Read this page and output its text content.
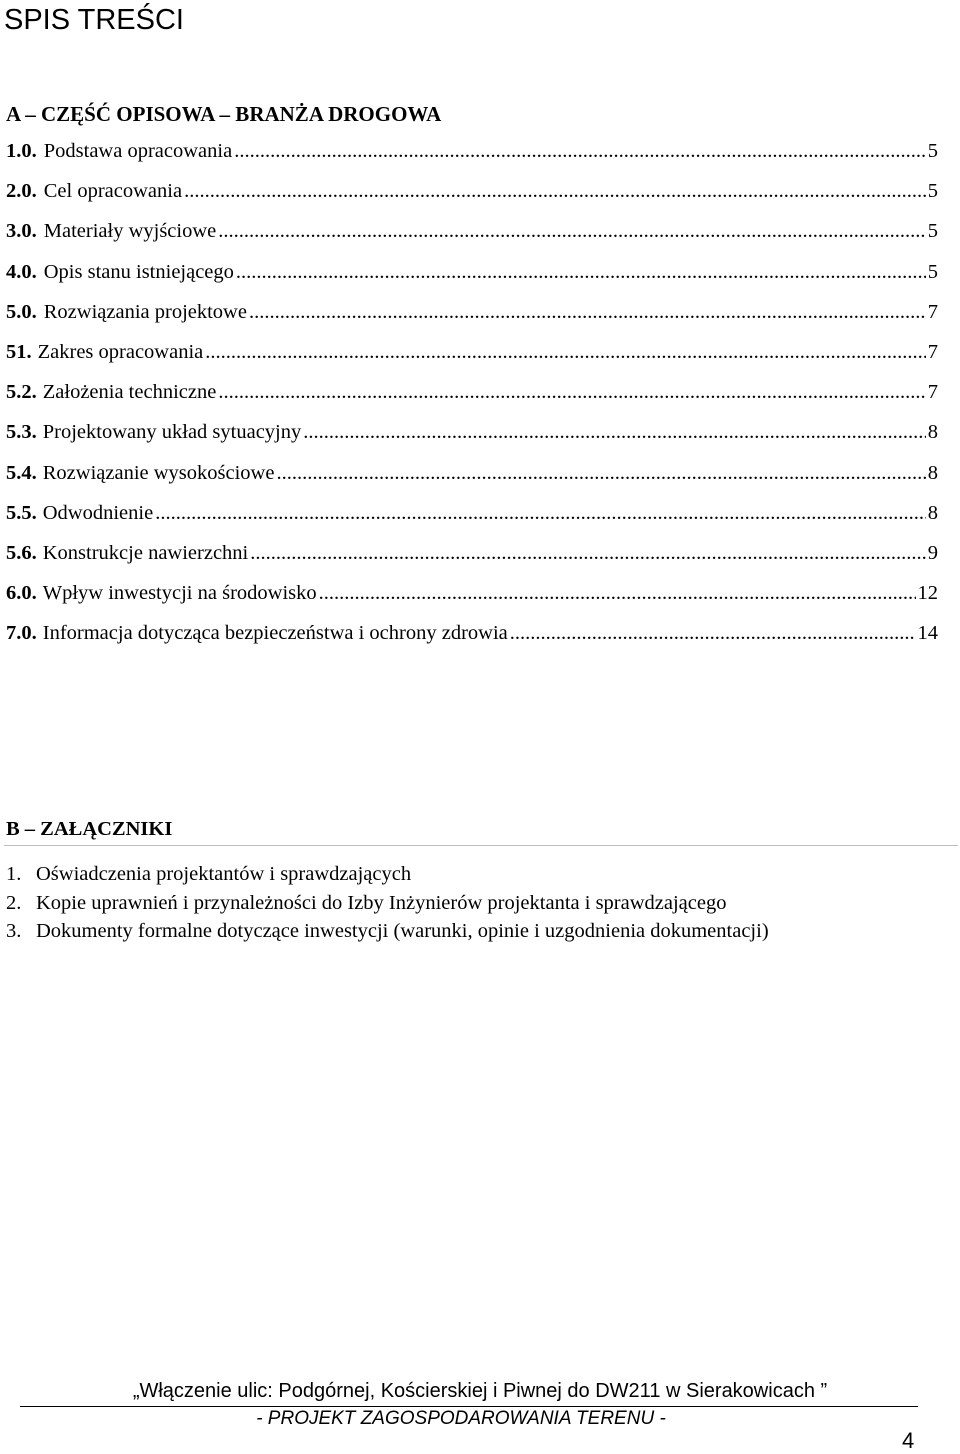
SPIS TREŚCI
A – CZĘŚĆ OPISOWA – BRANŻA DROGOWA
1.0. Podstawa opracowania .....	5
2.0. Cel opracowania .....	5
3.0. Materiały wyjściowe .....	5
4.0. Opis stanu istniejącego .....	5
5.0. Rozwiązania projektowe .....	7
51. Zakres opracowania .....	7
5.2. Założenia techniczne .....	7
5.3. Projektowany układ sytuacyjny .....	8
5.4. Rozwiązanie wysokościowe .....	8
5.5. Odwodnienie .....	8
5.6. Konstrukcje nawierzchni .....	9
6.0. Wpływ inwestycji na środowisko .....	12
7.0. Informacja dotycząca bezpieczeństwa i ochrony zdrowia .....	14
B – ZAŁĄCZNIKI
1. Oświadczenia projektantów i sprawdzających
2. Kopie uprawnień i przynależności do Izby Inżynierów projektanta i sprawdzającego
3. Dokumenty formalne dotyczące inwestycji (warunki, opinie i uzgodnienia dokumentacji)
„Włączenie ulic: Podgórnej, Kościerskiej i Piwnej do DW211 w Sierakowicach ”
- PROJEKT ZAGOSPODAROWANIA TERENU -
4
